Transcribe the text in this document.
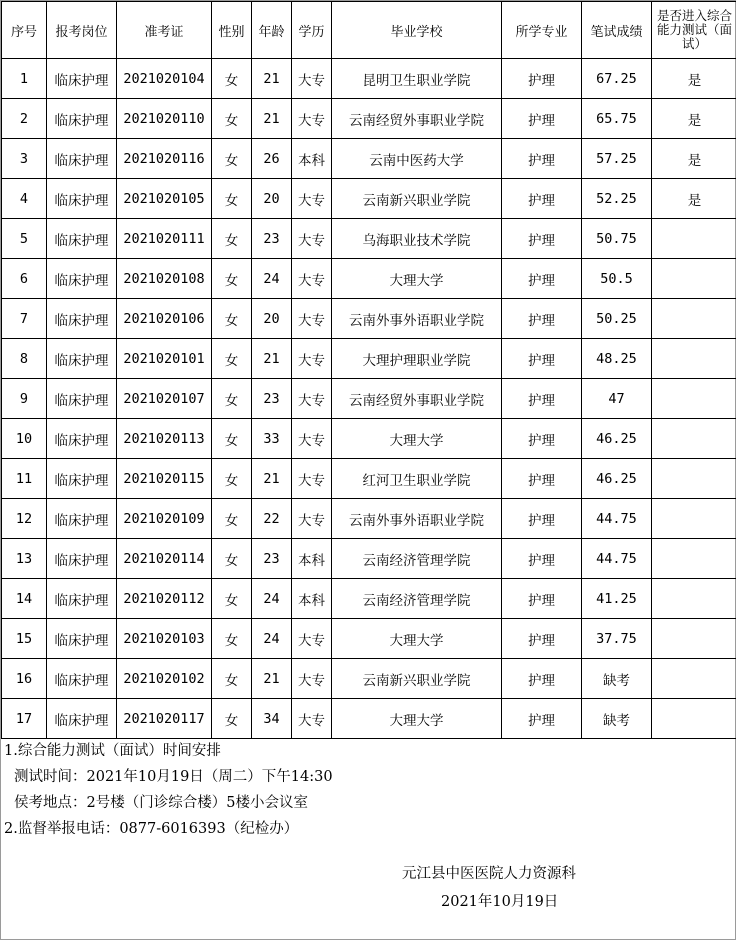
序号	报考岗位	准考证	性别	年龄	学历	毕业学校	所学专业	笔试成绩	是否进入综合能力测试（面试）
1	临床护理	2021020104	女	21	大专	昆明卫生职业学院	护理	67.25	是
2	临床护理	2021020110	女	21	大专	云南经贸外事职业学院	护理	65.75	是
3	临床护理	2021020116	女	26	本科	云南中医药大学	护理	57.25	是
4	临床护理	2021020105	女	20	大专	云南新兴职业学院	护理	52.25	是
5	临床护理	2021020111	女	23	大专	乌海职业技术学院	护理	50.75	
6	临床护理	2021020108	女	24	大专	大理大学	护理	50.5	
7	临床护理	2021020106	女	20	大专	云南外事外语职业学院	护理	50.25	
8	临床护理	2021020101	女	21	大专	大理护理职业学院	护理	48.25	
9	临床护理	2021020107	女	23	大专	云南经贸外事职业学院	护理	47	
10	临床护理	2021020113	女	33	大专	大理大学	护理	46.25	
11	临床护理	2021020115	女	21	大专	红河卫生职业学院	护理	46.25	
12	临床护理	2021020109	女	22	大专	云南外事外语职业学院	护理	44.75	
13	临床护理	2021020114	女	23	本科	云南经济管理学院	护理	44.75	
14	临床护理	2021020112	女	24	本科	云南经济管理学院	护理	41.25	
15	临床护理	2021020103	女	24	大专	大理大学	护理	37.75	
16	临床护理	2021020102	女	21	大专	云南新兴职业学院	护理	缺考	
17	临床护理	2021020117	女	34	大专	大理大学	护理	缺考	
1.综合能力测试（面试）时间安排
测试时间：2021年10月19日（周二）下午14:30
侯考地点：2号楼（门诊综合楼）5楼小会议室
2.监督举报电话：0877-6016393（纪检办）
元江县中医医院人力资源科
2021年10月19日
